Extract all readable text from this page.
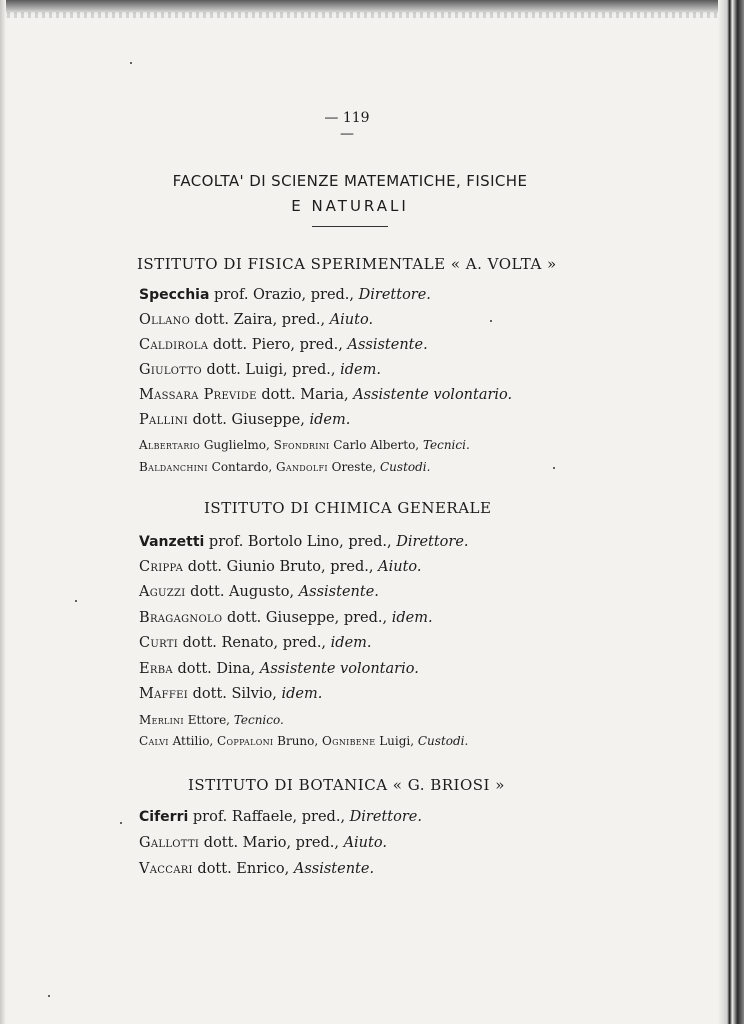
— 119 —
FACOLTA' DI SCIENZE MATEMATICHE, FISICHE
E NATURALI
ISTITUTO DI FISICA SPERIMENTALE « A. VOLTA »
Specchia prof. Orazio, pred., Direttore.
Ollano dott. Zaira, pred., Aiuto.
Caldirola dott. Piero, pred., Assistente.
Giulotto dott. Luigi, pred., idem.
Massara Previde dott. Maria, Assistente volontario.
Pallini dott. Giuseppe, idem.
Albertario Guglielmo, Sfondrini Carlo Alberto, Tecnici.
Baldanchini Contardo, Gandolfi Oreste, Custodi.
ISTITUTO DI CHIMICA GENERALE
Vanzetti prof. Bortolo Lino, pred., Direttore.
Crippa dott. Giunio Bruto, pred., Aiuto.
Aguzzi dott. Augusto, Assistente.
Bragagnolo dott. Giuseppe, pred., idem.
Curti dott. Renato, pred., idem.
Erba dott. Dina, Assistente volontario.
Maffei dott. Silvio, idem.
Merlini Ettore, Tecnico.
Calvi Attilio, Coppaloni Bruno, Ognibene Luigi, Custodi.
ISTITUTO DI BOTANICA « G. BRIOSI »
Ciferri prof. Raffaele, pred., Direttore.
Gallotti dott. Mario, pred., Aiuto.
Vaccari dott. Enrico, Assistente.
